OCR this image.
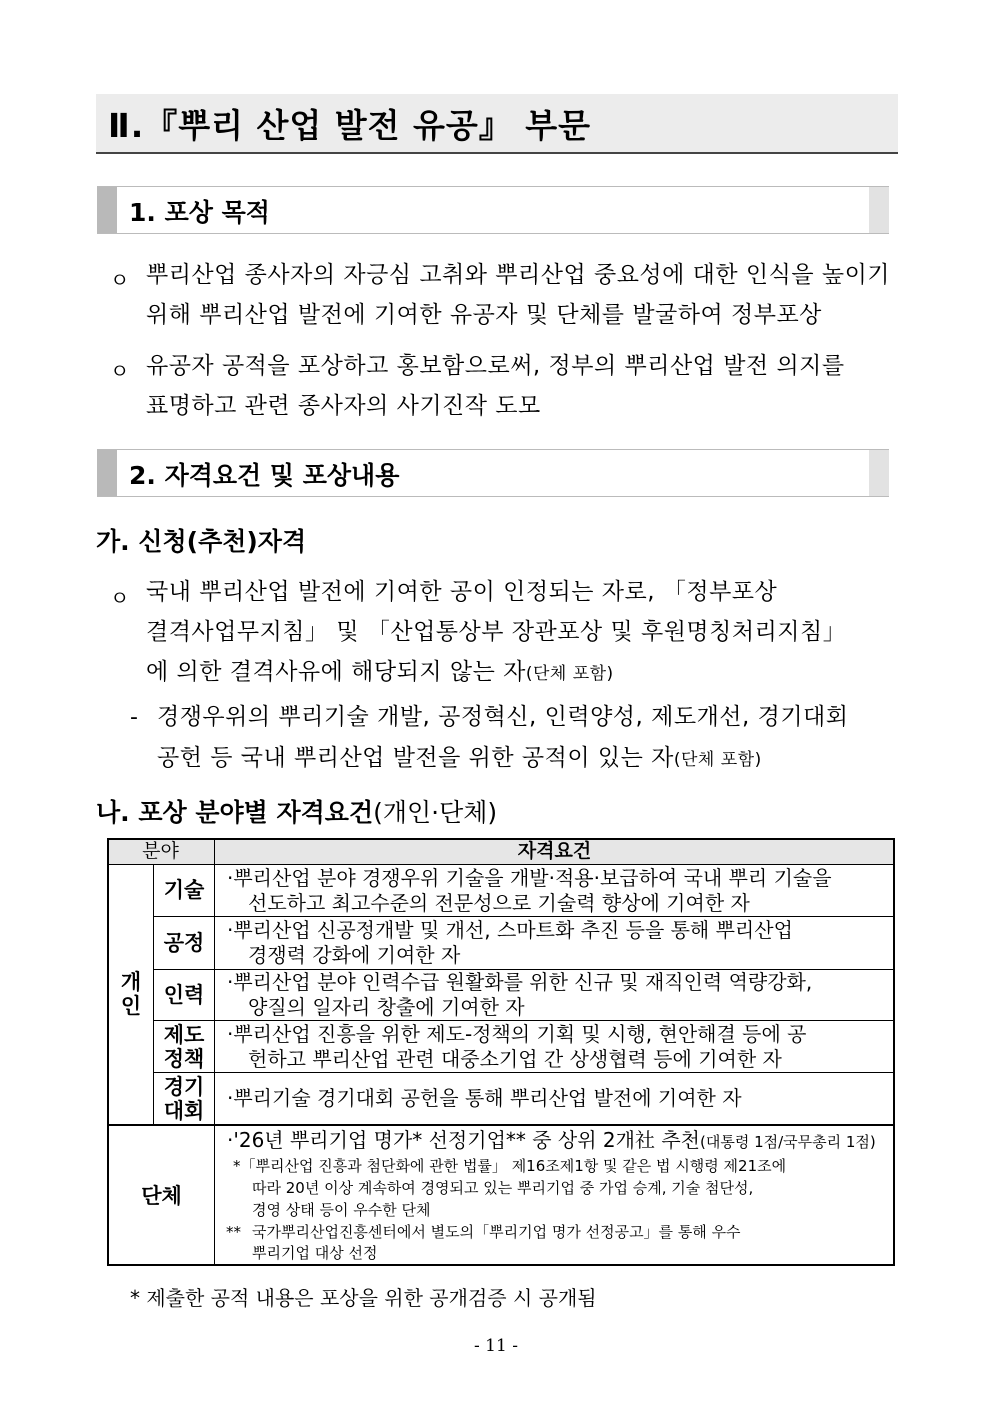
Ⅱ.『뿌리 산업 발전 유공』 부문
1. 포상 목적
ㅇ 뿌리산업 종사자의 자긍심 고취와 뿌리산업 중요성에 대한 인식을 높이기
위해 뿌리산업 발전에 기여한 유공자 및 단체를 발굴하여 정부포상
ㅇ 유공자 공적을 포상하고 홍보함으로써, 정부의 뿌리산업 발전 의지를
표명하고 관련 종사자의 사기진작 도모
2. 자격요건 및 포상내용
가. 신청(추천)자격
ㅇ 국내 뿌리산업 발전에 기여한 공이 인정되는 자로, 「정부포상
결격사업무지침」 및 「산업통상부 장관포상 및 후원명칭처리지침」
에 의한 결격사유에 해당되지 않는 자(단체 포함)
- 경쟁우위의 뿌리기술 개발, 공정혁신, 인력양성, 제도개선, 경기대회
공헌 등 국내 뿌리산업 발전을 위한 공적이 있는 자(단체 포함)
나. 포상 분야별 자격요건(개인·단체)
분야	자격요건
개
인
기술	·뿌리산업 분야 경쟁우위 기술을 개발·적용·보급하여 국내 뿌리 기술을
선도하고 최고수준의 전문성으로 기술력 향상에 기여한 자
공정
·뿌리산업 신공정개발 및 개선, 스마트화 추진 등을 통해 뿌리산업
경쟁력 강화에 기여한 자
인력
·뿌리산업 분야 인력수급 원활화를 위한 신규 및 재직인력 역량강화,
양질의 일자리 창출에 기여한 자
제도
정책
·뿌리산업 진흥을 위한 제도-정책의 기획 및 시행, 현안해결 등에 공
헌하고 뿌리산업 관련 대중소기업 간 상생협력 등에 기여한 자
경기
대회
·뿌리기술 경기대회 공헌을 통해 뿌리산업 발전에 기여한 자
단체
·'26년 뿌리기업 명가* 선정기업** 중 상위 2개社 추천(대통령 1점/국무총리 1점)
*「뿌리산업 진흥과 첨단화에 관한 법률」 제16조제1항 및 같은 법 시행령 제21조에
따라 20년 이상 계속하여 경영되고 있는 뿌리기업 중 가업 승계, 기술 첨단성,
경영 상태 등이 우수한 단체
** 국가뿌리산업진흥센터에서 별도의「뿌리기업 명가 선정공고」를 통해 우수
뿌리기업 대상 선정
* 제출한 공적 내용은 포상을 위한 공개검증 시 공개됨
- 11 -
